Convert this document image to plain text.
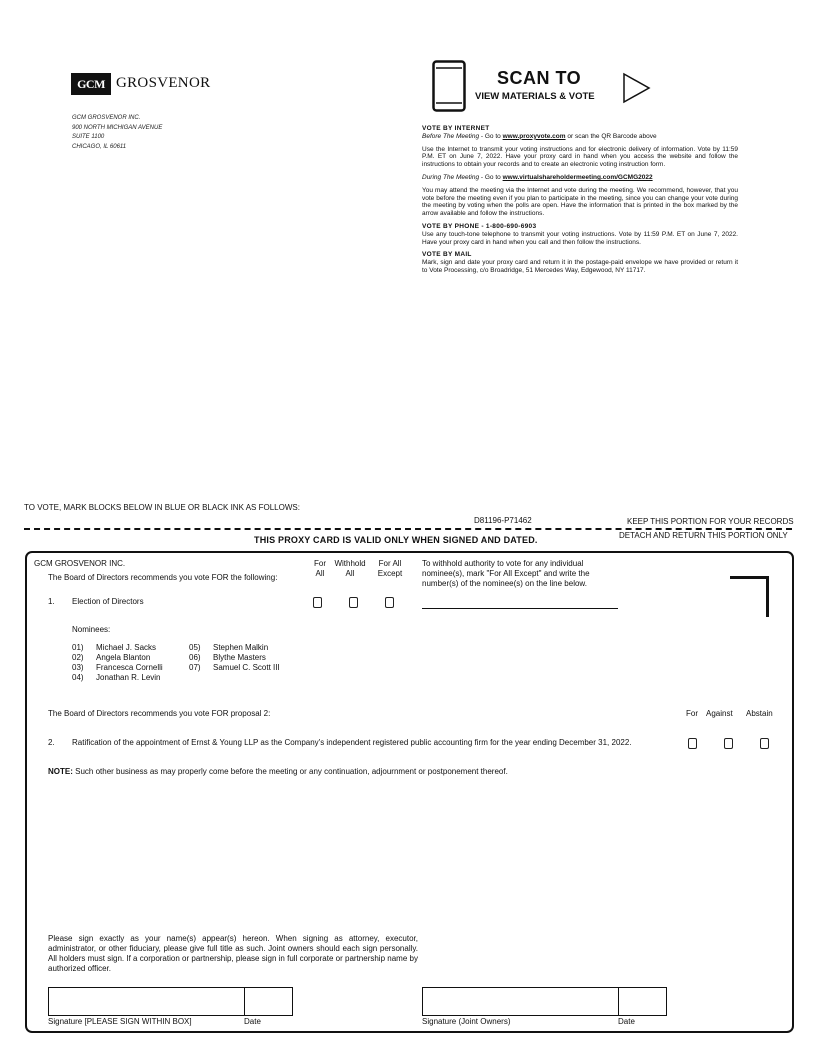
GCM GROSVENOR
GCM GROSVENOR INC.
900 NORTH MICHIGAN AVENUE
SUITE 1100
CHICAGO, IL 60611
SCAN TO
VIEW MATERIALS & VOTE
VOTE BY INTERNET

Before The Meeting - Go to www.proxyvote.com or scan the QR Barcode above

Use the Internet to transmit your voting instructions and for electronic delivery of information. Vote by 11:59 P.M. ET on June 7, 2022. Have your proxy card in hand when you access the website and follow the instructions to obtain your records and to create an electronic voting instruction form.

During The Meeting - Go to www.virtualshareholdermeeting.com/GCMG2022

You may attend the meeting via the Internet and vote during the meeting. We recommend, however, that you vote before the meeting even if you plan to participate in the meeting, since you can change your vote during the meeting by voting when the polls are open. Have the information that is printed in the box marked by the arrow available and follow the instructions.

VOTE BY PHONE - 1-800-690-6903

Use any touch-tone telephone to transmit your voting instructions. Vote by 11:59 P.M. ET on June 7, 2022. Have your proxy card in hand when you call and then follow the instructions.

VOTE BY MAIL

Mark, sign and date your proxy card and return it in the postage-paid envelope we have provided or return it to Vote Processing, c/o Broadridge, 51 Mercedes Way, Edgewood, NY 11717.

TO VOTE, MARK BLOCKS BELOW IN BLUE OR BLACK INK AS FOLLOWS:
D81196-P71462	KEEP THIS PORTION FOR YOUR RECORDS
THIS PROXY CARD IS VALID ONLY WHEN SIGNED AND DATED.	DETACH AND RETURN THIS PORTION ONLY
GCM GROSVENOR INC.
The Board of Directors recommends you vote FOR the following:
For
All
Withhold
All
For All
Except
To withhold authority to vote for any individual nominee(s), mark "For All Except" and write the number(s) of the nominee(s) on the line below.
1. Election of Directors
Nominees:
01) Michael J. Sacks
02) Angela Blanton
03) Francesca Cornelli
04) Jonathan R. Levin
05) Stephen Malkin
06) Blythe Masters
07) Samuel C. Scott III
The Board of Directors recommends you vote FOR proposal 2:	For Against Abstain
2. Ratification of the appointment of Ernst & Young LLP as the Company's independent registered public accounting firm for the year ending December 31, 2022.
NOTE: Such other business as may properly come before the meeting or any continuation, adjournment or postponement thereof.
Please sign exactly as your name(s) appear(s) hereon. When signing as attorney, executor, administrator, or other fiduciary, please give full title as such. Joint owners should each sign personally. All holders must sign. If a corporation or partnership, please sign in full corporate or partnership name by authorized officer.
Signature [PLEASE SIGN WITHIN BOX]	Date	Signature (Joint Owners)	Date
